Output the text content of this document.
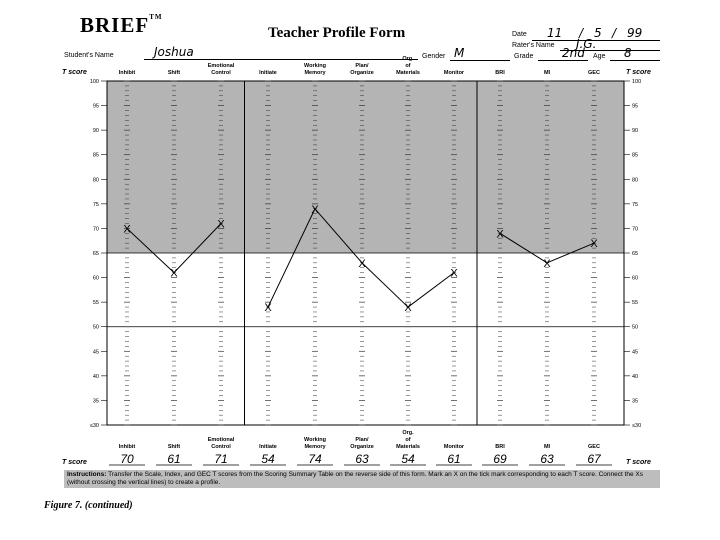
BRIEF™
Teacher Profile Form	Date 11 / 5 / 99
Rater's Name J.G.
Student's Name	Joshua	Gender M	Grade 2nd Age 8
100	100
95	95
90	90
85	85
80	80
75	75
70	70
65	65
60	60
55	55
50	50
45	45
40	40
35	35
≤30	≤30
T score	T score
Inhibit
Inhibit
Shift
Shift
Emotional
Control
Emotional
Control
Initiate
Initiate
Working
Memory
Working
Memory
Plan/
Organize
Plan/
Organize
Org.
of
Materials
Org.
of
Materials
Monitor
Monitor
BRI
BRI
MI
MI
GEC
GEC
X
X
X
X
X
X
X
X
X
X
X
T score	T score
70	61	71	54	74	63	54	61	69	63	67
Instructions: Transfer the Scale, Index, and GEC T scores from the Scoring Summary Table on the reverse side of this form. Mark an X on the tick mark corresponding to each T score. Connect the Xs (without crossing the vertical lines) to create a profile.
Figure 7. (continued)
